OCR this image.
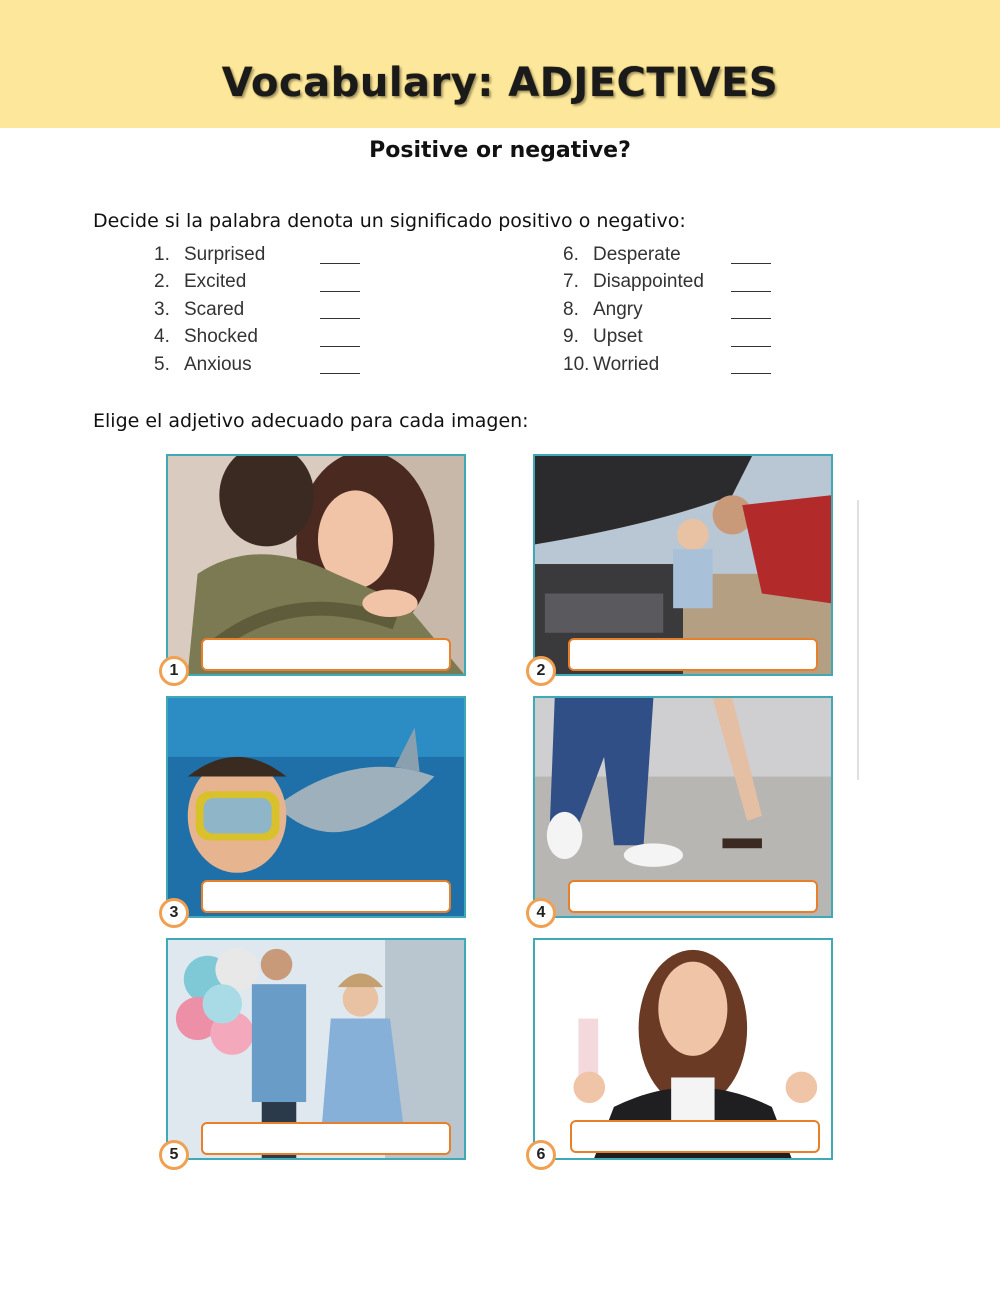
Vocabulary: ADJECTIVES
Positive or negative?
Decide si la palabra denota un significado positivo o negativo:
1. Surprised
2. Excited
3. Scared
4. Shocked
5. Anxious
6. Desperate
7. Disappointed
8. Angry
9. Upset
10. Worried
Elige el adjetivo adecuado para cada imagen:
1	2
3	4
5	6
